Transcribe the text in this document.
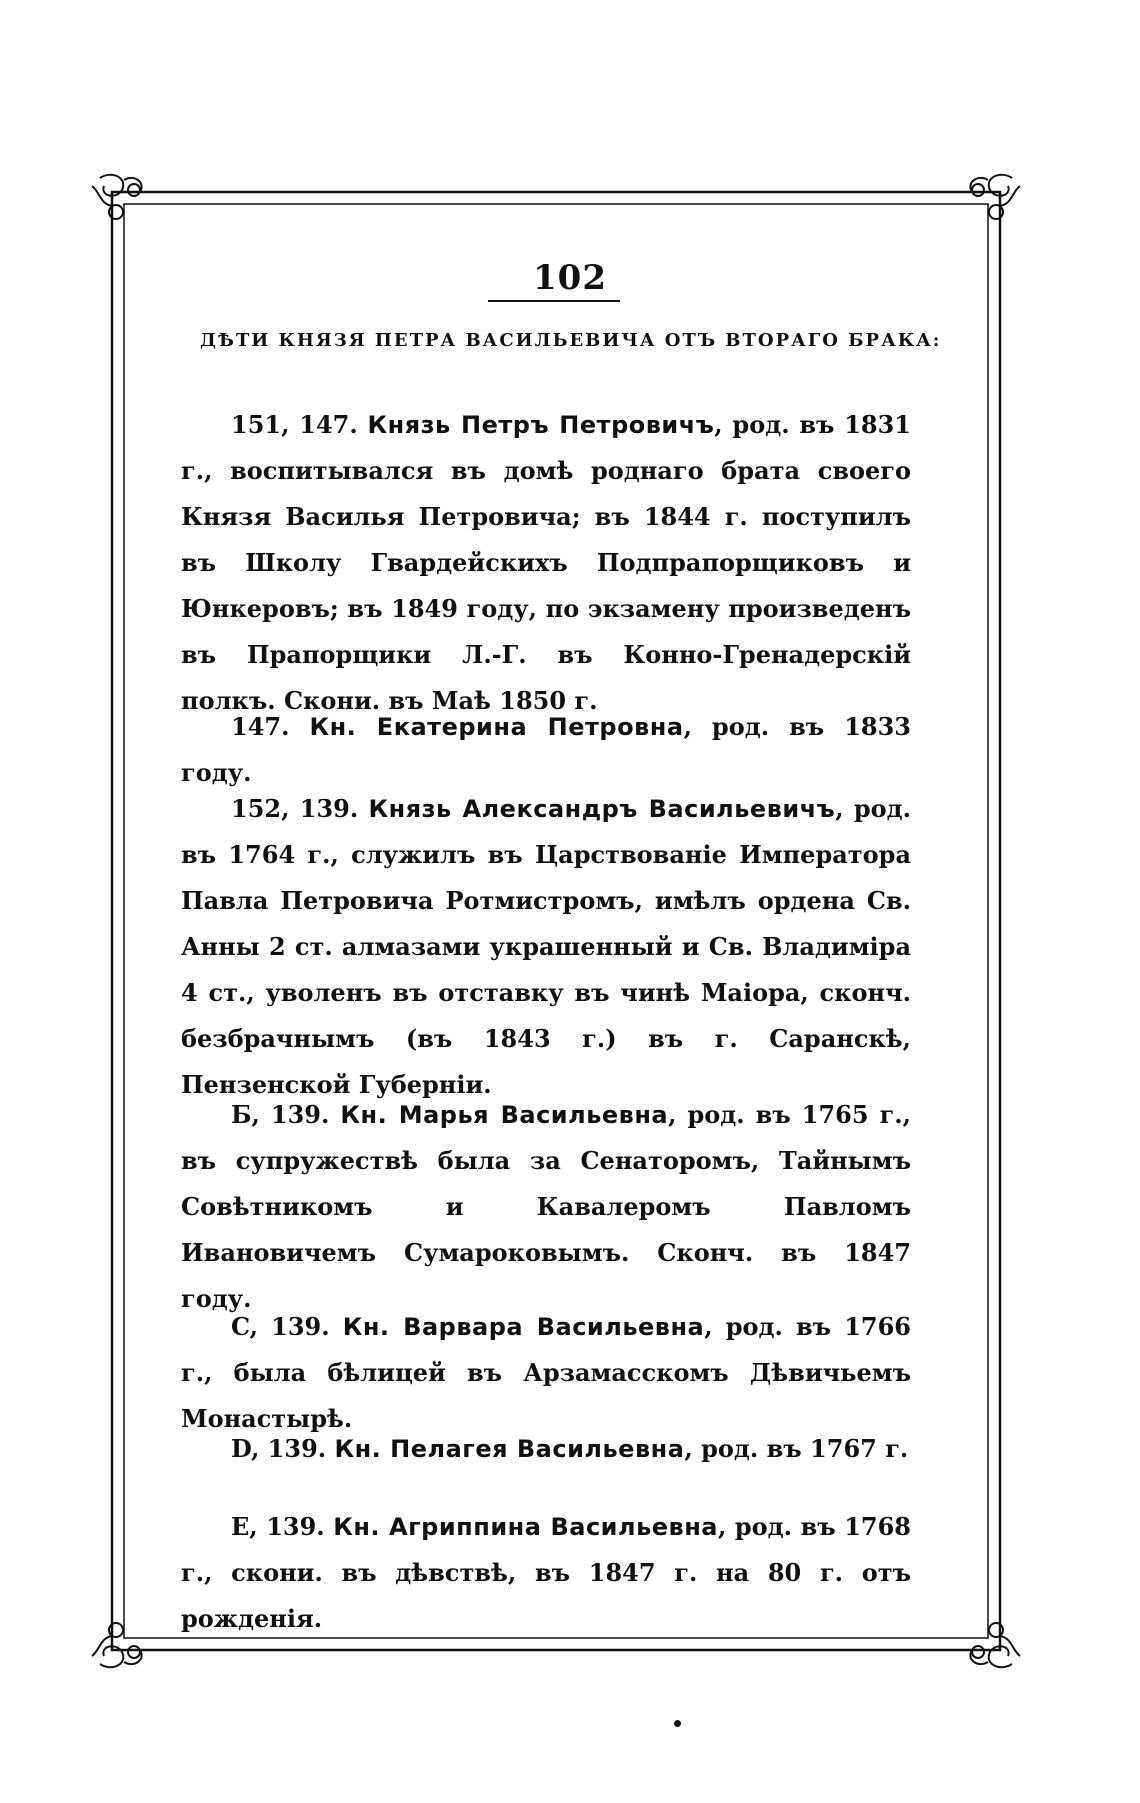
102
ДѢТИ КНЯЗЯ ПЕТРА ВАСИЛЬЕВИЧА ОТЪ ВТОРАГО БРАКА:

151, 147. Князь Петръ Петровичъ, род. въ 1831 г., воспитывался въ домѣ роднаго брата своего Князя Василья Петровича; въ 1844 г. поступилъ въ Школу Гвардейскихъ Подпрапорщиковъ и Юнкеровъ; въ 1849 году, по экзамену произведенъ въ Прапорщики Л.-Г. въ Конно-Гренадерскій полкъ. Скони. въ Маѣ 1850 г.

147. Кн. Екатерина Петровна, род. въ 1833 году.

152, 139. Князь Александръ Васильевичъ, род. въ 1764 г., служилъ въ Царствованіе Императора Павла Петровича Ротмистромъ, имѣлъ ордена Св. Анны 2 ст. алмазами украшенный и Св. Владиміра 4 ст., уволенъ въ отставку въ чинѣ Маіора, сконч. безбрачнымъ (въ 1843 г.) въ г. Саранскѣ, Пензенской Губерніи.

Б, 139. Кн. Марья Васильевна, род. въ 1765 г., въ супружествѣ была за Сенаторомъ, Тайнымъ Совѣтникомъ и Кавалеромъ Павломъ Ивановичемъ Сумароковымъ. Сконч. въ 1847 году.

C, 139. Кн. Варвара Васильевна, род. въ 1766 г., была бѣлицей въ Арзамасскомъ Дѣвичьемъ Монастырѣ.

D, 139. Кн. Пелагея Васильевна, род. въ 1767 г.

E, 139. Кн. Агриппина Васильевна, род. въ 1768 г., скони. въ дѣвствѣ, въ 1847 г. на 80 г. отъ рожденія.
